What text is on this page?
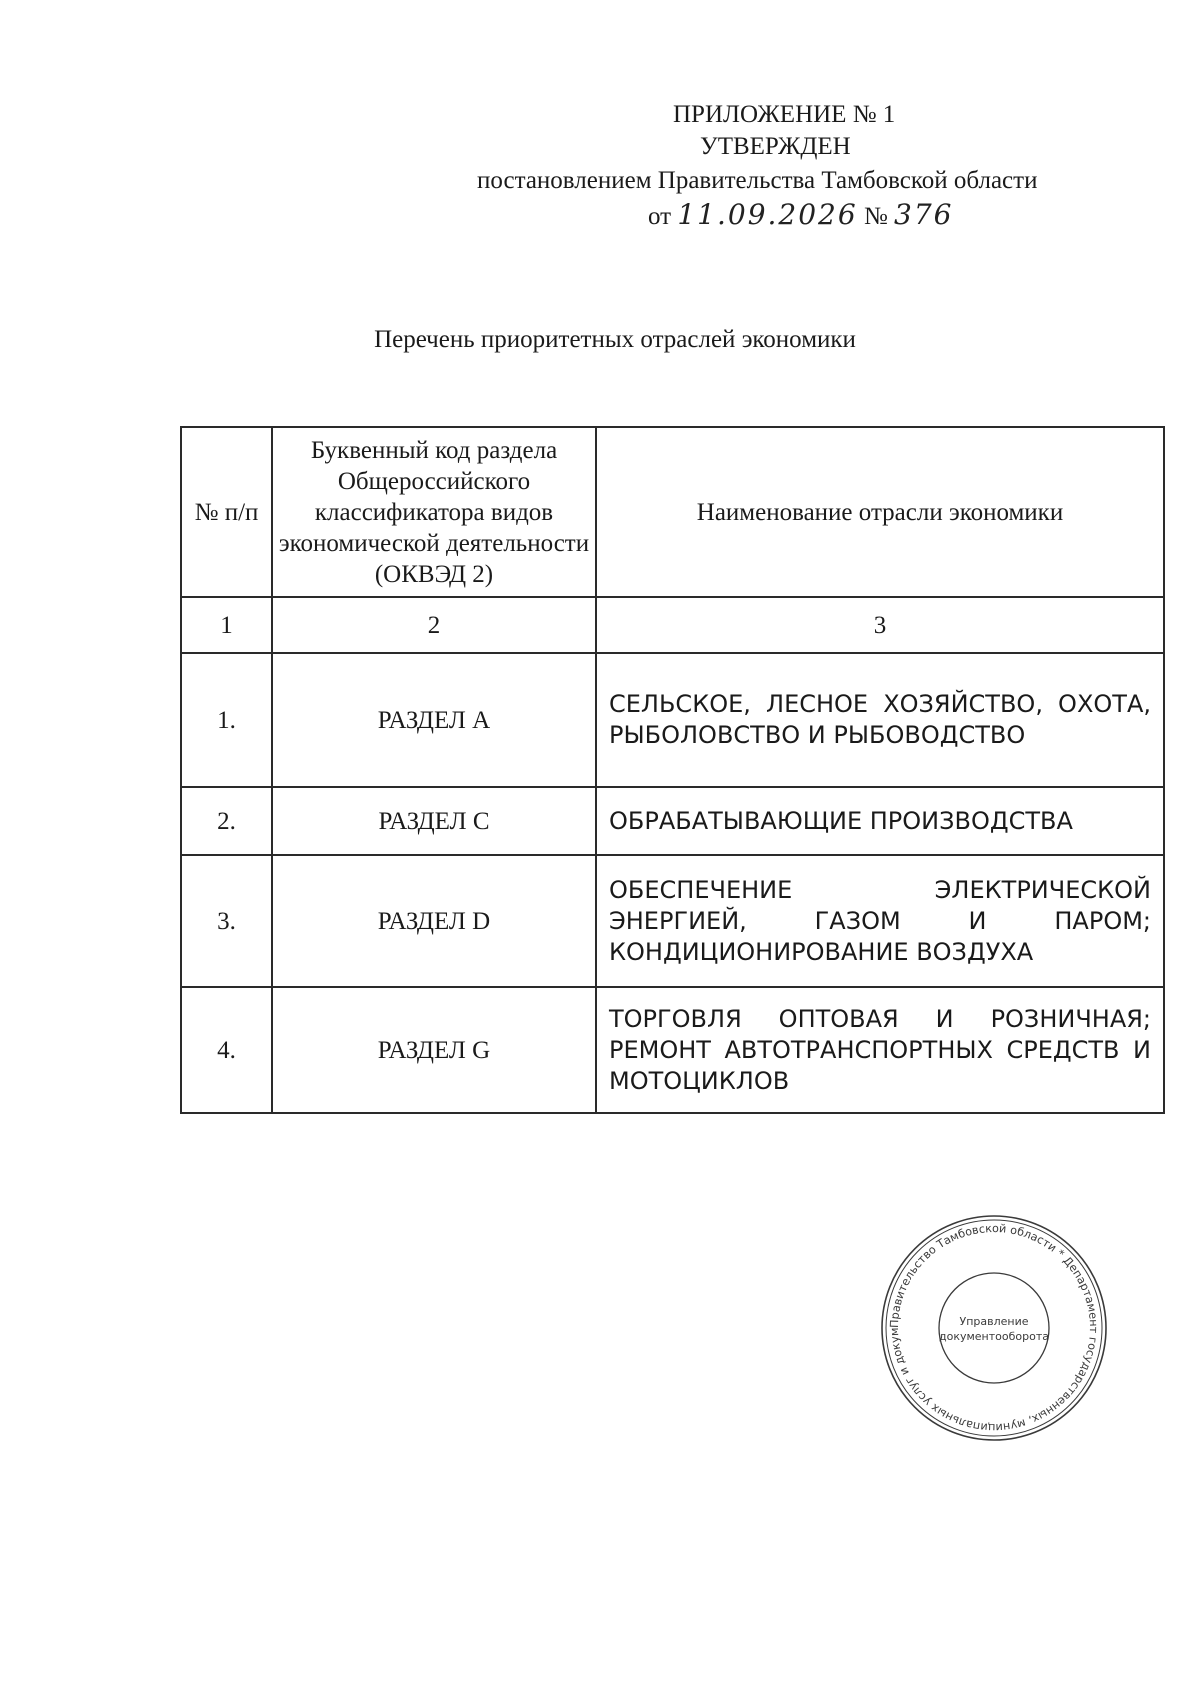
ПРИЛОЖЕНИЕ № 1
УТВЕРЖДЕН
постановлением Правительства Тамбовской области
от 11.09.2026 № 376
Перечень приоритетных отраслей экономики
№ п/п	Буквенный код раздела Общероссийского классификатора видов экономической деятельности (ОКВЭД 2)	Наименование отрасли экономики
1	2	3
1.	РАЗДЕЛ A	СЕЛЬСКОЕ, ЛЕСНОЕ ХОЗЯЙСТВО, ОХОТА, РЫБОЛОВСТВО И РЫБОВОДСТВО
2.	РАЗДЕЛ C	ОБРАБАТЫВАЮЩИЕ ПРОИЗВОДСТВА
3.	РАЗДЕЛ D	ОБЕСПЕЧЕНИЕ ЭЛЕКТРИЧЕСКОЙ ЭНЕРГИЕЙ, ГАЗОМ И ПАРОМ; КОНДИЦИОНИРОВАНИЕ ВОЗДУХА
4.	РАЗДЕЛ G	ТОРГОВЛЯ ОПТОВАЯ И РОЗНИЧНАЯ; РЕМОНТ АВТОТРАНСПОРТНЫХ СРЕДСТВ И МОТОЦИКЛОВ
Правительство Тамбовской области * Департамент государственных, муниципальных услуг и докум
Управление
документооборота
